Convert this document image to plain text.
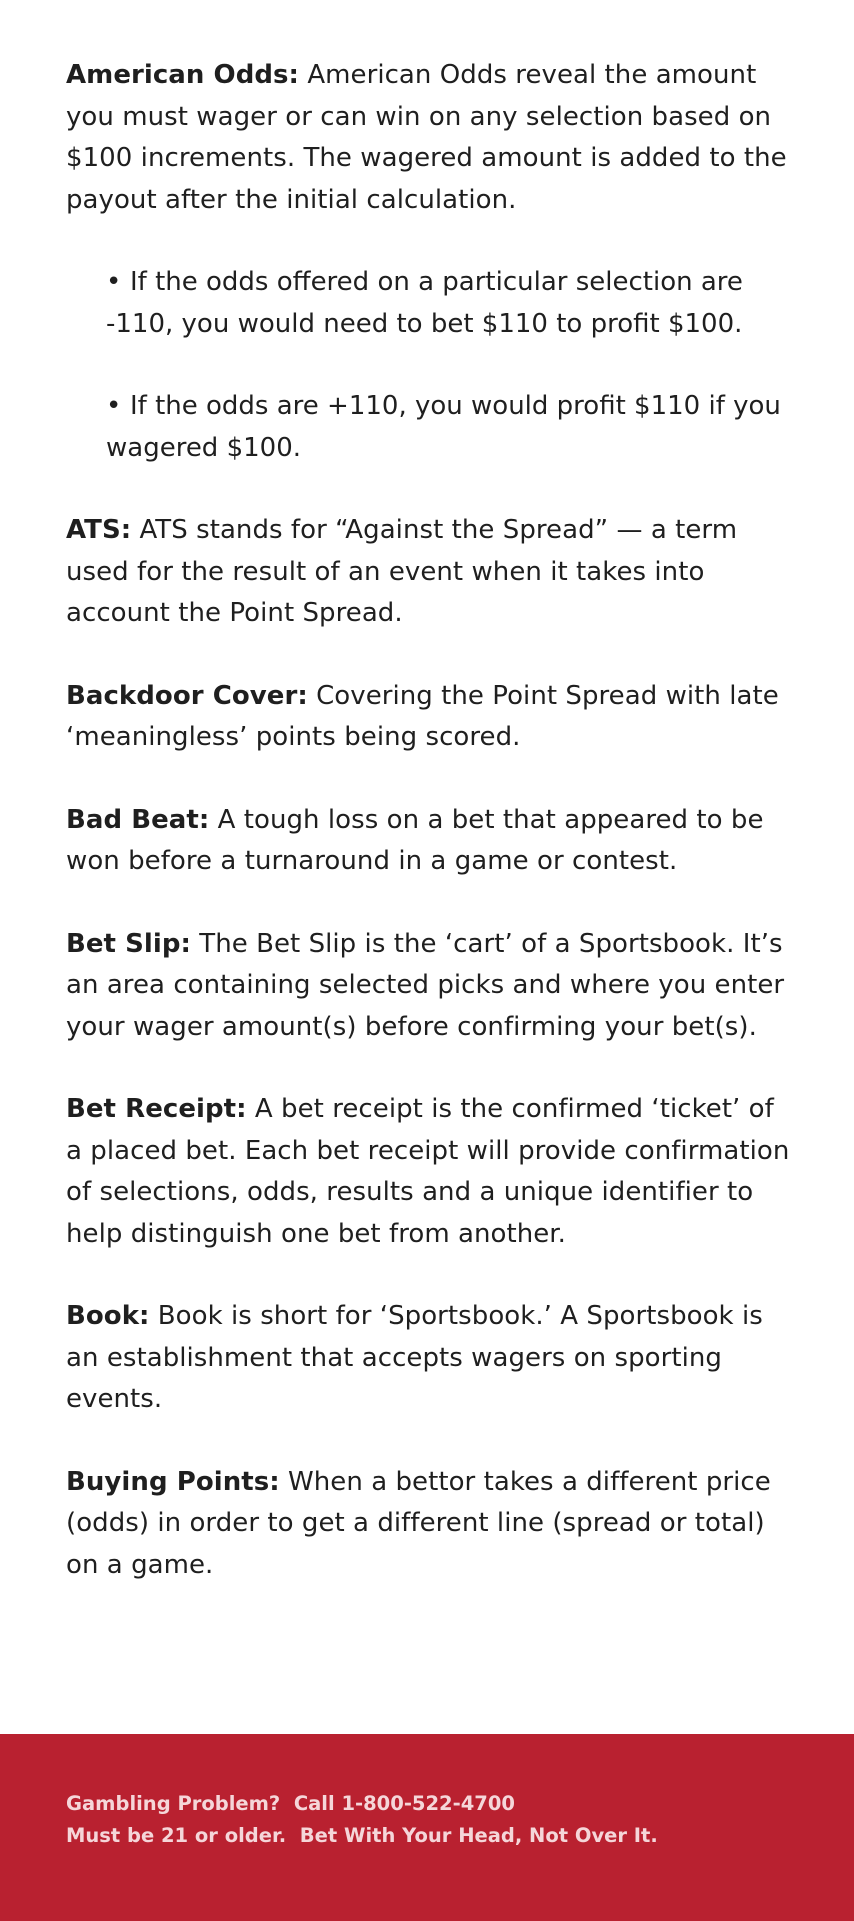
American Odds: American Odds reveal the amount you must wager or can win on any selection based on $100 increments. The wagered amount is added to the payout after the initial calculation.

• If the odds offered on a particular selection are -110, you would need to bet $110 to profit $100.

• If the odds are +110, you would profit $110 if you wagered $100.

ATS: ATS stands for “Against the Spread” — a term used for the result of an event when it takes into account the Point Spread.

Backdoor Cover: Covering the Point Spread with late ‘meaningless’ points being scored.

Bad Beat: A tough loss on a bet that appeared to be won before a turnaround in a game or contest.

Bet Slip: The Bet Slip is the ‘cart’ of a Sportsbook. It’s an area containing selected picks and where you enter your wager amount(s) before confirming your bet(s).

Bet Receipt: A bet receipt is the confirmed ‘ticket’ of a placed bet. Each bet receipt will provide confirmation of selections, odds, results and a unique identifier to help distinguish one bet from another.

Book: Book is short for ‘Sportsbook.’ A Sportsbook is an establishment that accepts wagers on sporting events.

Buying Points: When a bettor takes a different price (odds) in order to get a different line (spread or total) on a game.

Gambling Problem?  Call 1-800-522-4700
Must be 21 or older.  Bet With Your Head, Not Over It.
